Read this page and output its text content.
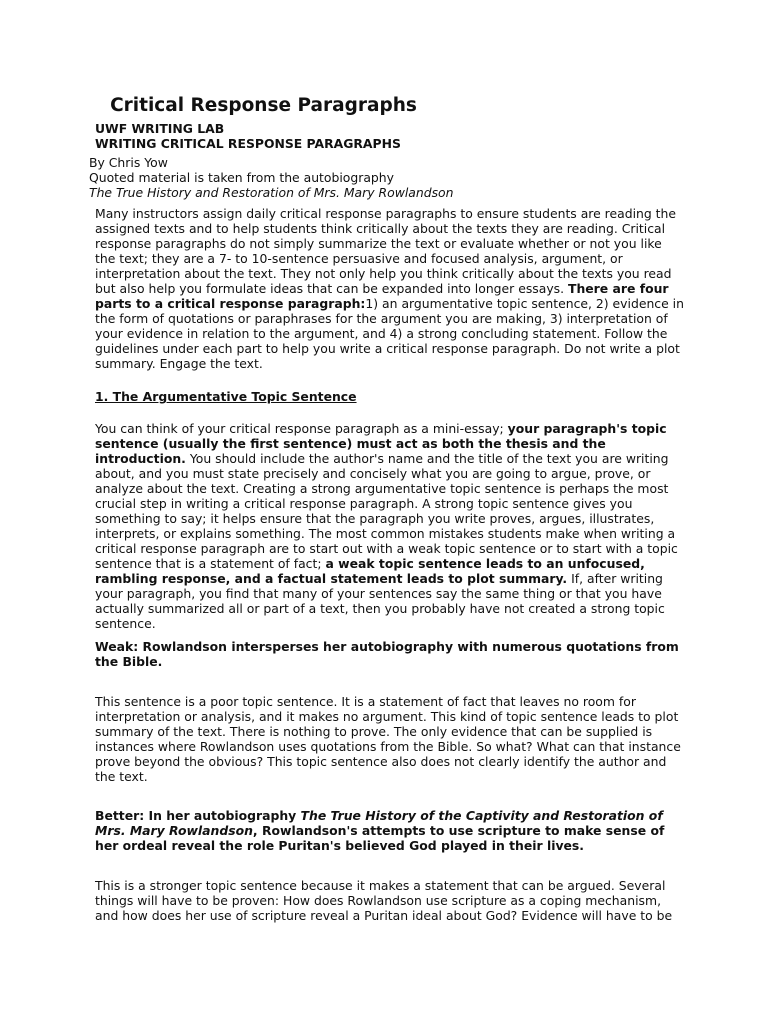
Critical Response Paragraphs
UWF WRITING LAB
WRITING CRITICAL RESPONSE PARAGRAPHS
By Chris Yow
Quoted material is taken from the autobiography
The True History and Restoration of Mrs. Mary Rowlandson
Many instructors assign daily critical response paragraphs to ensure students are reading the assigned texts and to help students think critically about the texts they are reading. Critical response paragraphs do not simply summarize the text or evaluate whether or not you like the text; they are a 7- to 10-sentence persuasive and focused analysis, argument, or interpretation about the text. They not only help you think critically about the texts you read but also help you formulate ideas that can be expanded into longer essays. There are four parts to a critical response paragraph:1) an argumentative topic sentence, 2) evidence in the form of quotations or paraphrases for the argument you are making, 3) interpretation of your evidence in relation to the argument, and 4) a strong concluding statement. Follow the guidelines under each part to help you write a critical response paragraph. Do not write a plot summary. Engage the text.
1. The Argumentative Topic Sentence
You can think of your critical response paragraph as a mini-essay; your paragraph's topic sentence (usually the first sentence) must act as both the thesis and the introduction. You should include the author's name and the title of the text you are writing about, and you must state precisely and concisely what you are going to argue, prove, or analyze about the text. Creating a strong argumentative topic sentence is perhaps the most crucial step in writing a critical response paragraph. A strong topic sentence gives you something to say; it helps ensure that the paragraph you write proves, argues, illustrates, interprets, or explains something. The most common mistakes students make when writing a critical response paragraph are to start out with a weak topic sentence or to start with a topic sentence that is a statement of fact; a weak topic sentence leads to an unfocused, rambling response, and a factual statement leads to plot summary. If, after writing your paragraph, you find that many of your sentences say the same thing or that you have actually summarized all or part of a text, then you probably have not created a strong topic sentence.
Weak: Rowlandson intersperses her autobiography with numerous quotations from the Bible.
This sentence is a poor topic sentence. It is a statement of fact that leaves no room for interpretation or analysis, and it makes no argument. This kind of topic sentence leads to plot summary of the text. There is nothing to prove. The only evidence that can be supplied is instances where Rowlandson uses quotations from the Bible. So what? What can that instance prove beyond the obvious? This topic sentence also does not clearly identify the author and the text.
Better: In her autobiography The True History of the Captivity and Restoration of Mrs. Mary Rowlandson, Rowlandson's attempts to use scripture to make sense of her ordeal reveal the role Puritan's believed God played in their lives.
This is a stronger topic sentence because it makes a statement that can be argued. Several things will have to be proven: How does Rowlandson use scripture as a coping mechanism, and how does her use of scripture reveal a Puritan ideal about God? Evidence will have to be
